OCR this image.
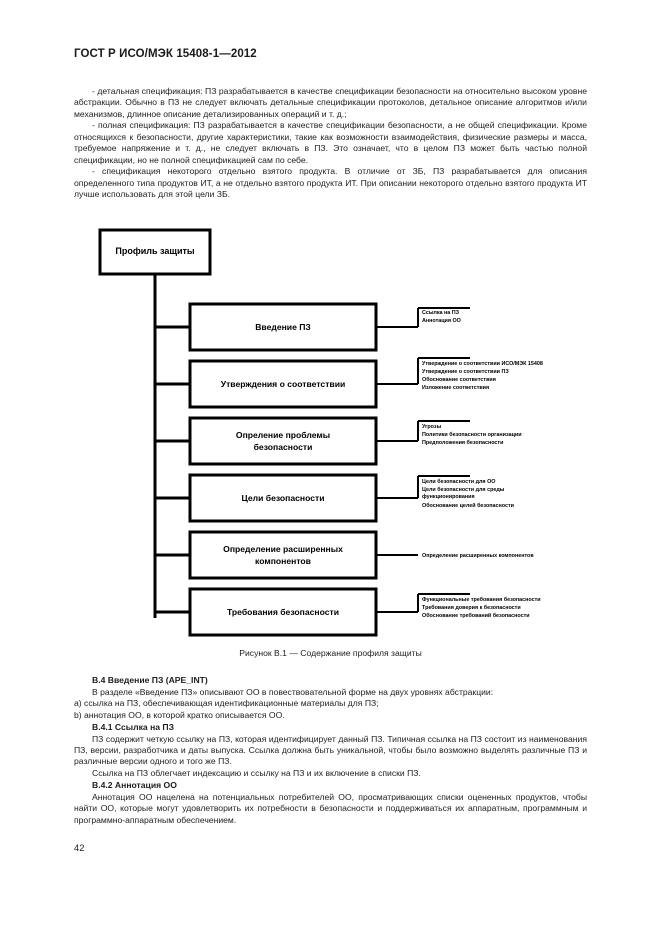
ГОСТ Р ИСО/МЭК 15408-1—2012

- детальная спецификация: ПЗ разрабатывается в качестве спецификации безопасности на относительно высоком уровне абстракции. Обычно в ПЗ не следует включать детальные спецификации протоколов, детальное описание алгоритмов и/или механизмов, длинное описание детализированных операций и т. д.;

- полная спецификация: ПЗ разрабатывается в качестве спецификации безопасности, а не общей спецификации. Кроме относящихся к безопасности, другие характеристики, такие как возможности взаимодействия, физические размеры и масса, требуемое напряжение и т. д., не следует включать в ПЗ. Это означает, что в целом ПЗ может быть частью полной спецификации, но не полной спецификацией сам по себе.

- спецификация некоторого отдельно взятого продукта. В отличие от ЗБ, ПЗ разрабатывается для описания определенного типа продуктов ИТ, а не отдельно взятого продукта ИТ. При описании некоторого отдельно взятого продукта ИТ лучше использовать для этой цели ЗБ.

Профиль защиты
Введение ПЗ
Ссылка на ПЗ
Аннотация ОО
Утверждения о соответствии
Утверждение о соответствии ИСО/МЭК 15408
Утверждение о соответствии ПЗ
Обоснование соответствия
Изложение соответствия
Опреление проблемы
безопасности
Угрозы
Политики безопасности организации
Предположения безопасности
Цели безопасности
Цели безопасности для ОО
Цели безопасности для среды
функционирования
Обоснование целей безопасности
Определение расширенных
компонентов	Определение расширенных компонентов
Требования безопасности
Функциональные требования безопасности
Требования доверия к безопасности
Обоснование требований безопасности
Рисунок В.1 — Содержание профиля защиты
В.4 Введение ПЗ (APE_INT)

В разделе «Введение ПЗ» описывают ОО в повествовательной форме на двух уровнях абстракции:

а) ссылка на ПЗ, обеспечивающая идентификационные материалы для ПЗ;

b) аннотация ОО, в которой кратко описывается ОО.

В.4.1 Ссылка на ПЗ

ПЗ содержит четкую ссылку на ПЗ, которая идентифицирует данный ПЗ. Типичная ссылка на ПЗ состоит из наименования ПЗ, версии, разработчика и даты выпуска. Ссылка должна быть уникальной, чтобы было возможно выделять различные ПЗ и различные версии одного и того же ПЗ.

Ссылка на ПЗ облегчает индексацию и ссылку на ПЗ и их включение в списки ПЗ.

В.4.2 Аннотация ОО

Аннотация ОО нацелена на потенциальных потребителей ОО, просматривающих списки оцененных продуктов, чтобы найти ОО, которые могут удовлетворить их потребности в безопасности и поддерживаться их аппаратным, программным и программно-аппаратным обеспечением.

42
